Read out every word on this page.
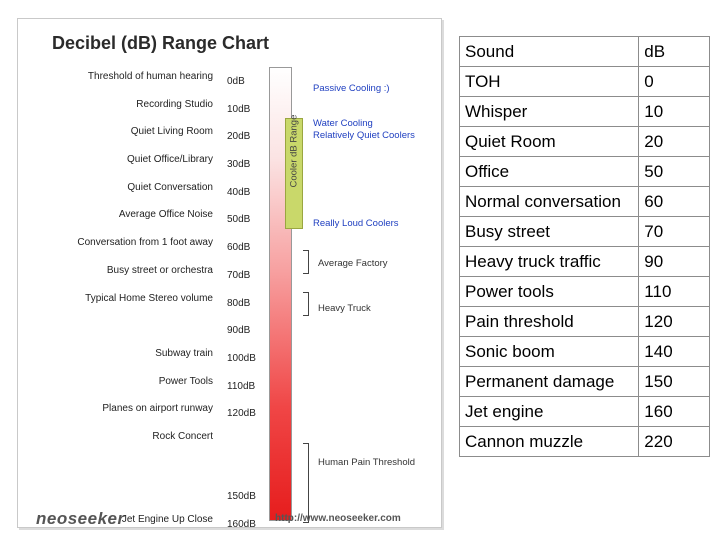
Decibel (dB) Range Chart
Cooler dB Range
Passive Cooling :)
Water Cooling
Relatively Quiet Coolers
Really Loud Coolers
Average Factory
Heavy Truck
Human Pain Threshold
neoseeker	http://www.neoseeker.com
Threshold of human hearing 0dB
Recording Studio 10dB
Quiet Living Room 20dB
Quiet Office/Library 30dB
Quiet Conversation 40dB
Average Office Noise 50dB
Conversation from 1 foot away 60dB
Busy street or orchestra 70dB
Typical Home Stereo volume 80dB
90dB
Subway train 100dB
Power Tools 110dB
Planes on airport runway 120dB
Rock Concert
150dB
Jet Engine Up Close 160dB
Sound	dB
TOH	0
Whisper	10
Quiet Room	20
Office	50
Normal conversation	60
Busy street	70
Heavy truck traffic	90
Power tools	110
Pain threshold	120
Sonic boom	140
Permanent damage	150
Jet engine	160
Cannon muzzle	220
